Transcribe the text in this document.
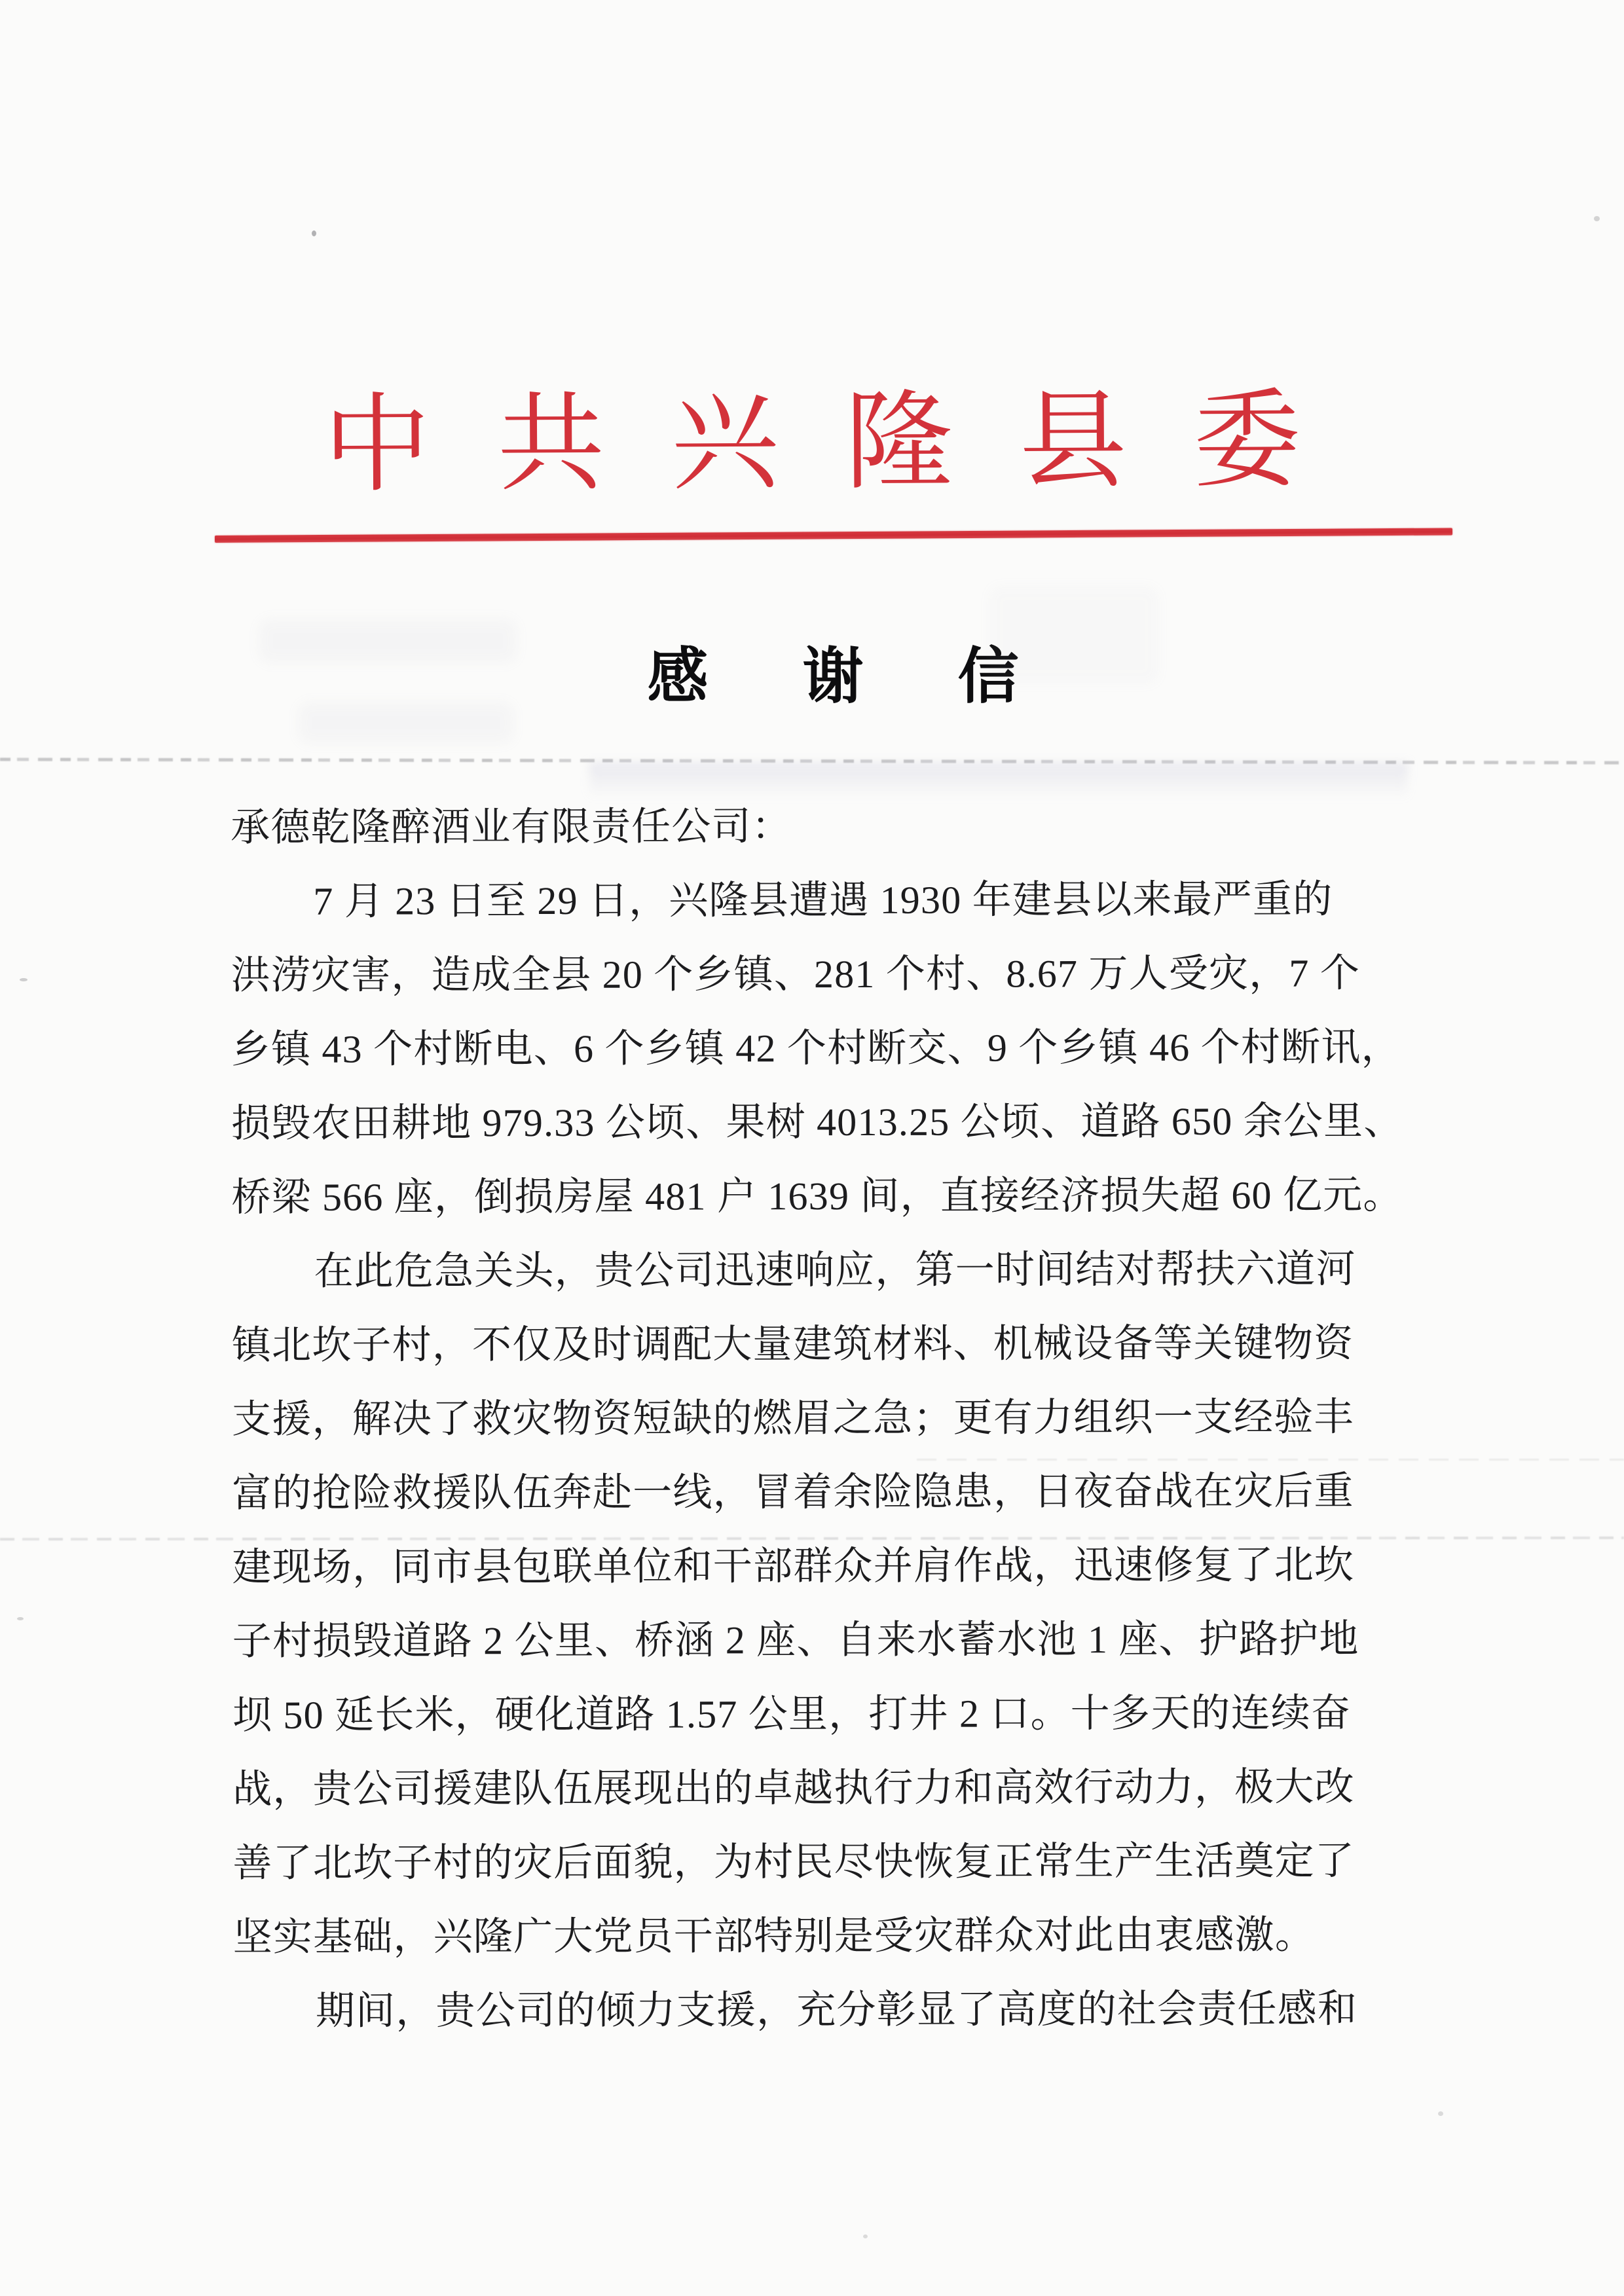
中共兴隆县委
感谢信
承德乾隆醉酒业有限责任公司：
7 月 23 日至 29 日，兴隆县遭遇 1930 年建县以来最严重的
洪涝灾害，造成全县 20 个乡镇、281 个村、8.67 万人受灾，7 个
乡镇 43 个村断电、6 个乡镇 42 个村断交、9 个乡镇 46 个村断讯，
损毁农田耕地 979.33 公顷、果树 4013.25 公顷、道路 650 余公里、
桥梁 566 座，倒损房屋 481 户 1639 间，直接经济损失超 60 亿元。
在此危急关头，贵公司迅速响应，第一时间结对帮扶六道河
镇北坎子村，不仅及时调配大量建筑材料、机械设备等关键物资
支援，解决了救灾物资短缺的燃眉之急；更有力组织一支经验丰
富的抢险救援队伍奔赴一线，冒着余险隐患，日夜奋战在灾后重
建现场，同市县包联单位和干部群众并肩作战，迅速修复了北坎
子村损毁道路 2 公里、桥涵 2 座、自来水蓄水池 1 座、护路护地
坝 50 延长米，硬化道路 1.57 公里，打井 2 口。十多天的连续奋
战，贵公司援建队伍展现出的卓越执行力和高效行动力，极大改
善了北坎子村的灾后面貌，为村民尽快恢复正常生产生活奠定了
坚实基础，兴隆广大党员干部特别是受灾群众对此由衷感激。
期间，贵公司的倾力支援，充分彰显了高度的社会责任感和
